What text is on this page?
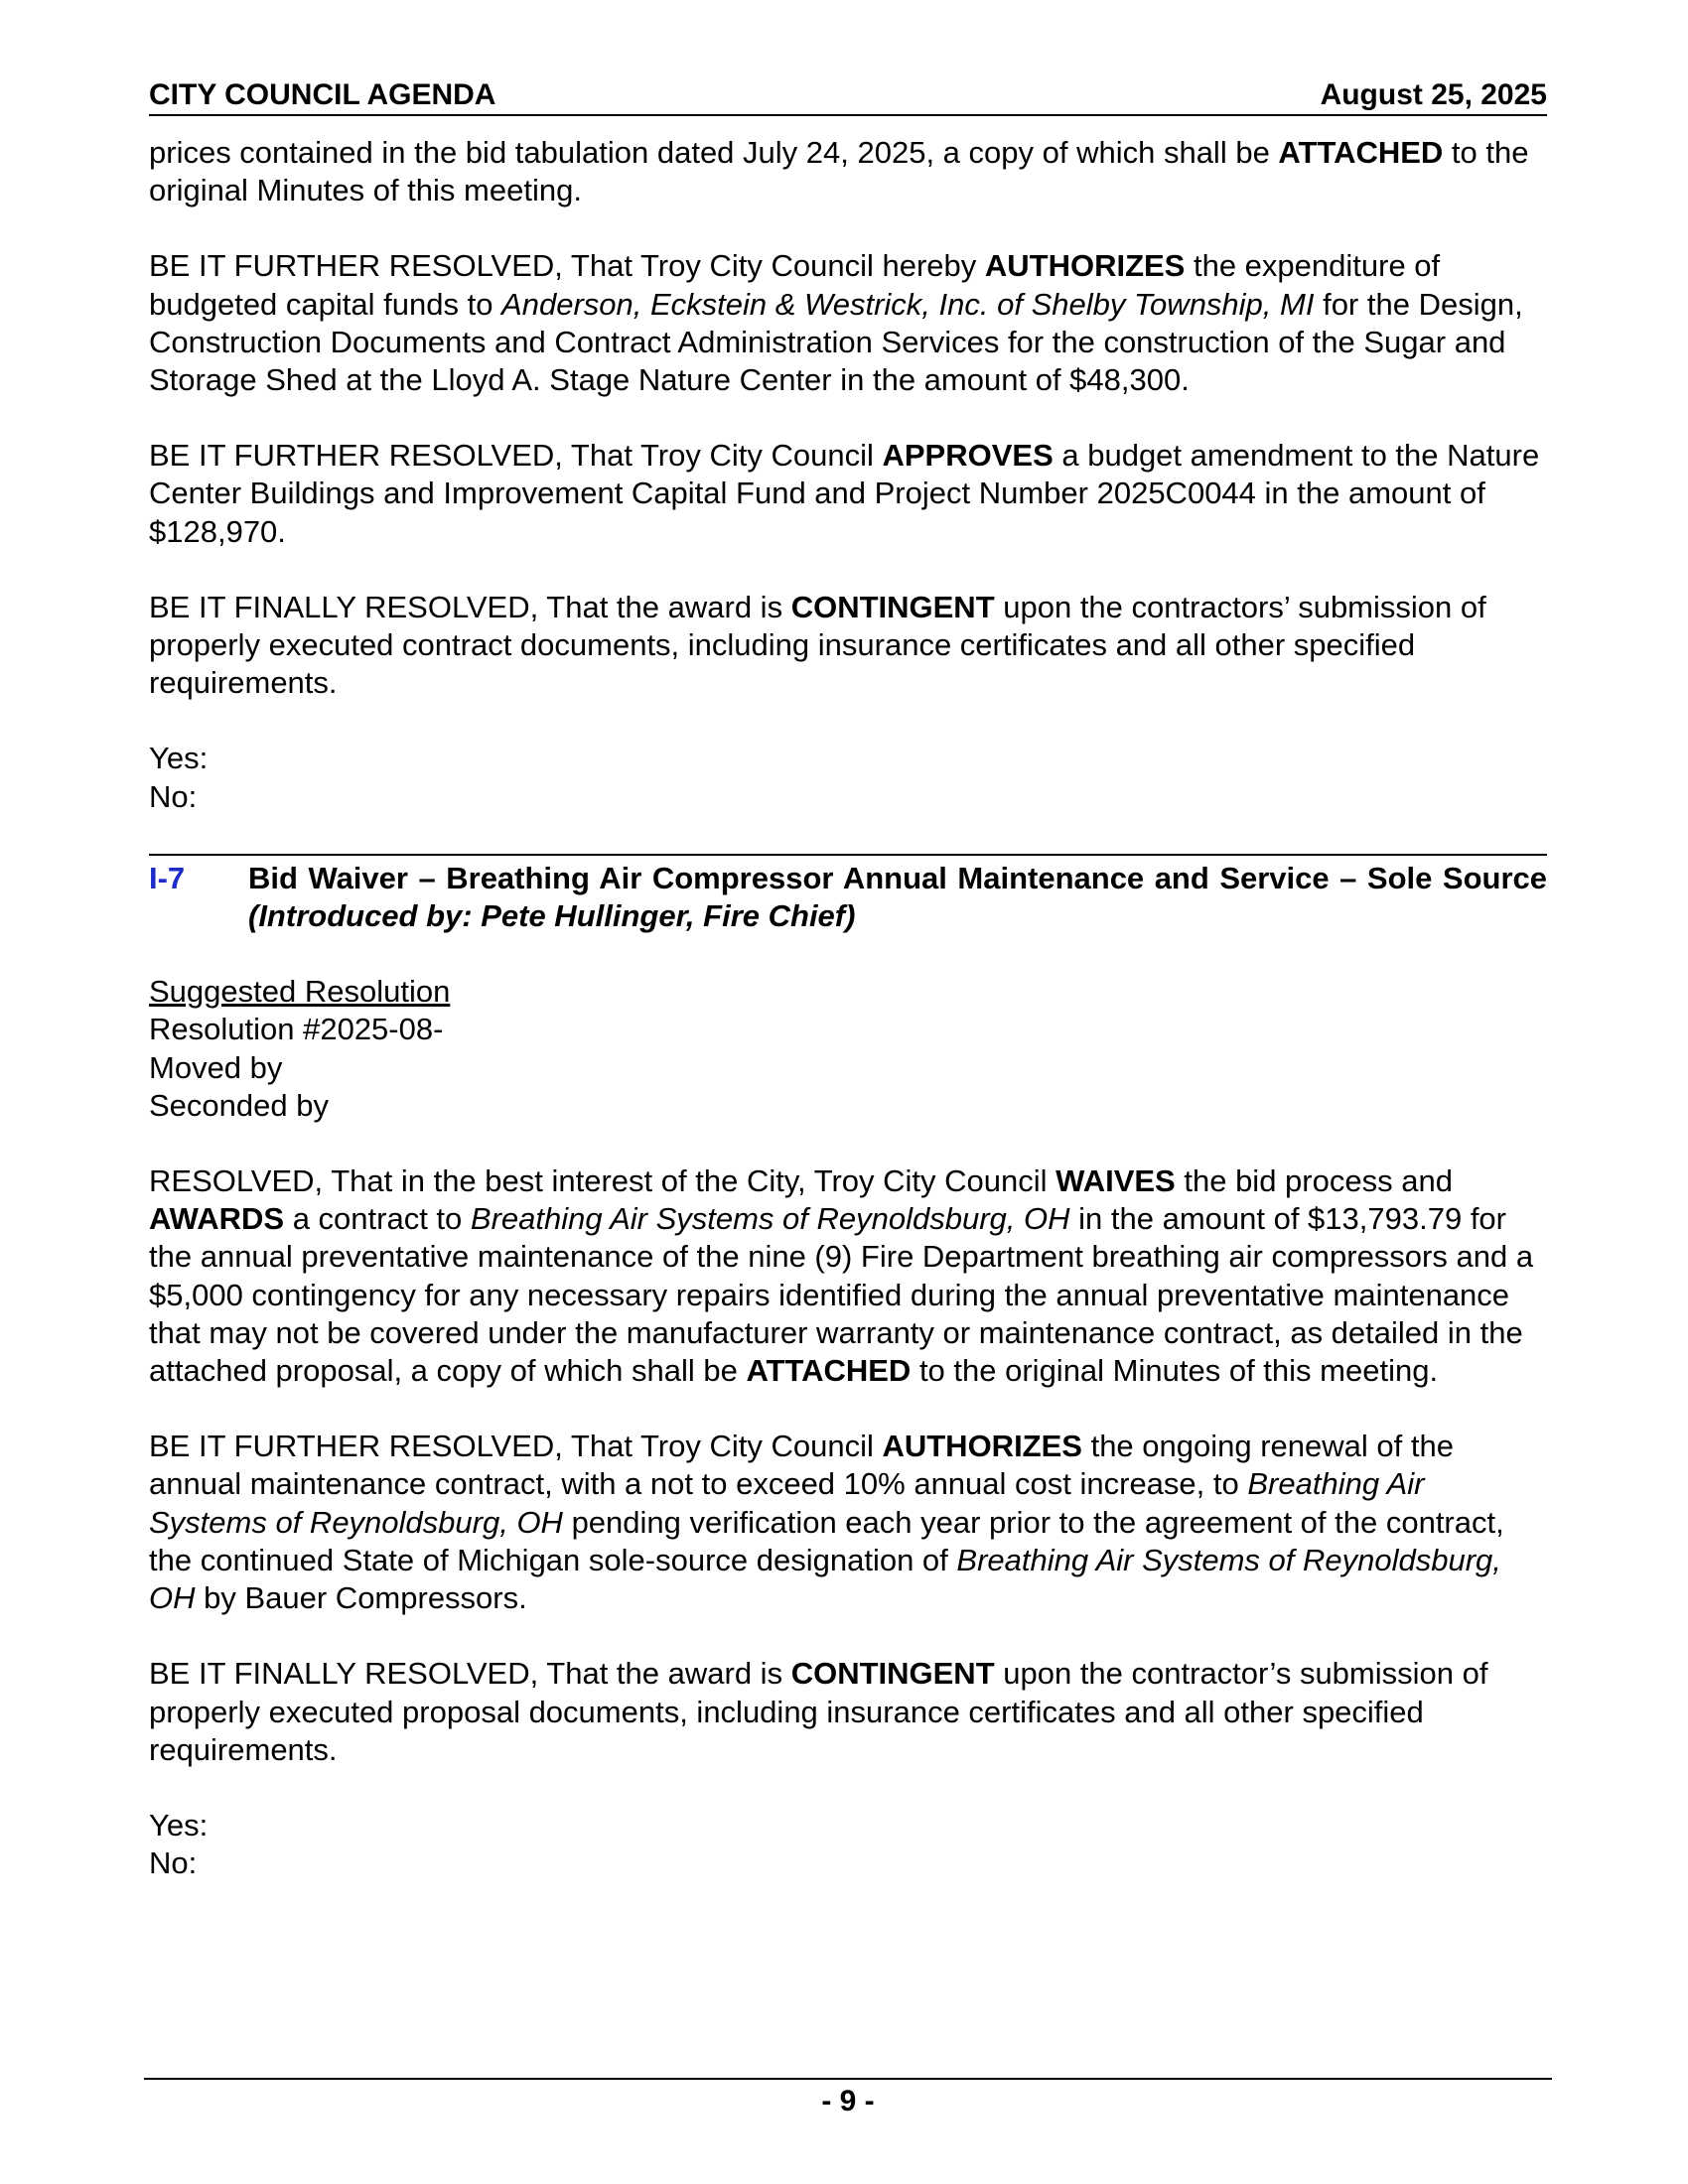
CITY COUNCIL AGENDA	August 25, 2025

prices contained in the bid tabulation dated July 24, 2025, a copy of which shall be ATTACHED to the original Minutes of this meeting.

BE IT FURTHER RESOLVED, That Troy City Council hereby AUTHORIZES the expenditure of budgeted capital funds to Anderson, Eckstein & Westrick, Inc. of Shelby Township, MI for the Design, Construction Documents and Contract Administration Services for the construction of the Sugar and Storage Shed at the Lloyd A. Stage Nature Center in the amount of $48,300.

BE IT FURTHER RESOLVED, That Troy City Council APPROVES a budget amendment to the Nature Center Buildings and Improvement Capital Fund and Project Number 2025C0044 in the amount of $128,970.

BE IT FINALLY RESOLVED, That the award is CONTINGENT upon the contractors’ submission of properly executed contract documents, including insurance certificates and all other specified requirements.

Yes:

No:

I-7	Bid Waiver – Breathing Air Compressor Annual Maintenance and Service – Sole Source (Introduced by: Pete Hullinger, Fire Chief)

Suggested Resolution

Resolution #2025-08-

Moved by

Seconded by

RESOLVED, That in the best interest of the City, Troy City Council WAIVES the bid process and AWARDS a contract to Breathing Air Systems of Reynoldsburg, OH in the amount of $13,793.79 for the annual preventative maintenance of the nine (9) Fire Department breathing air compressors and a $5,000 contingency for any necessary repairs identified during the annual preventative maintenance that may not be covered under the manufacturer warranty or maintenance contract, as detailed in the attached proposal, a copy of which shall be ATTACHED to the original Minutes of this meeting.

BE IT FURTHER RESOLVED, That Troy City Council AUTHORIZES the ongoing renewal of the annual maintenance contract, with a not to exceed 10% annual cost increase, to Breathing Air Systems of Reynoldsburg, OH pending verification each year prior to the agreement of the contract, the continued State of Michigan sole-source designation of Breathing Air Systems of Reynoldsburg, OH by Bauer Compressors.

BE IT FINALLY RESOLVED, That the award is CONTINGENT upon the contractor’s submission of properly executed proposal documents, including insurance certificates and all other specified requirements.

Yes:

No:

- 9 -
